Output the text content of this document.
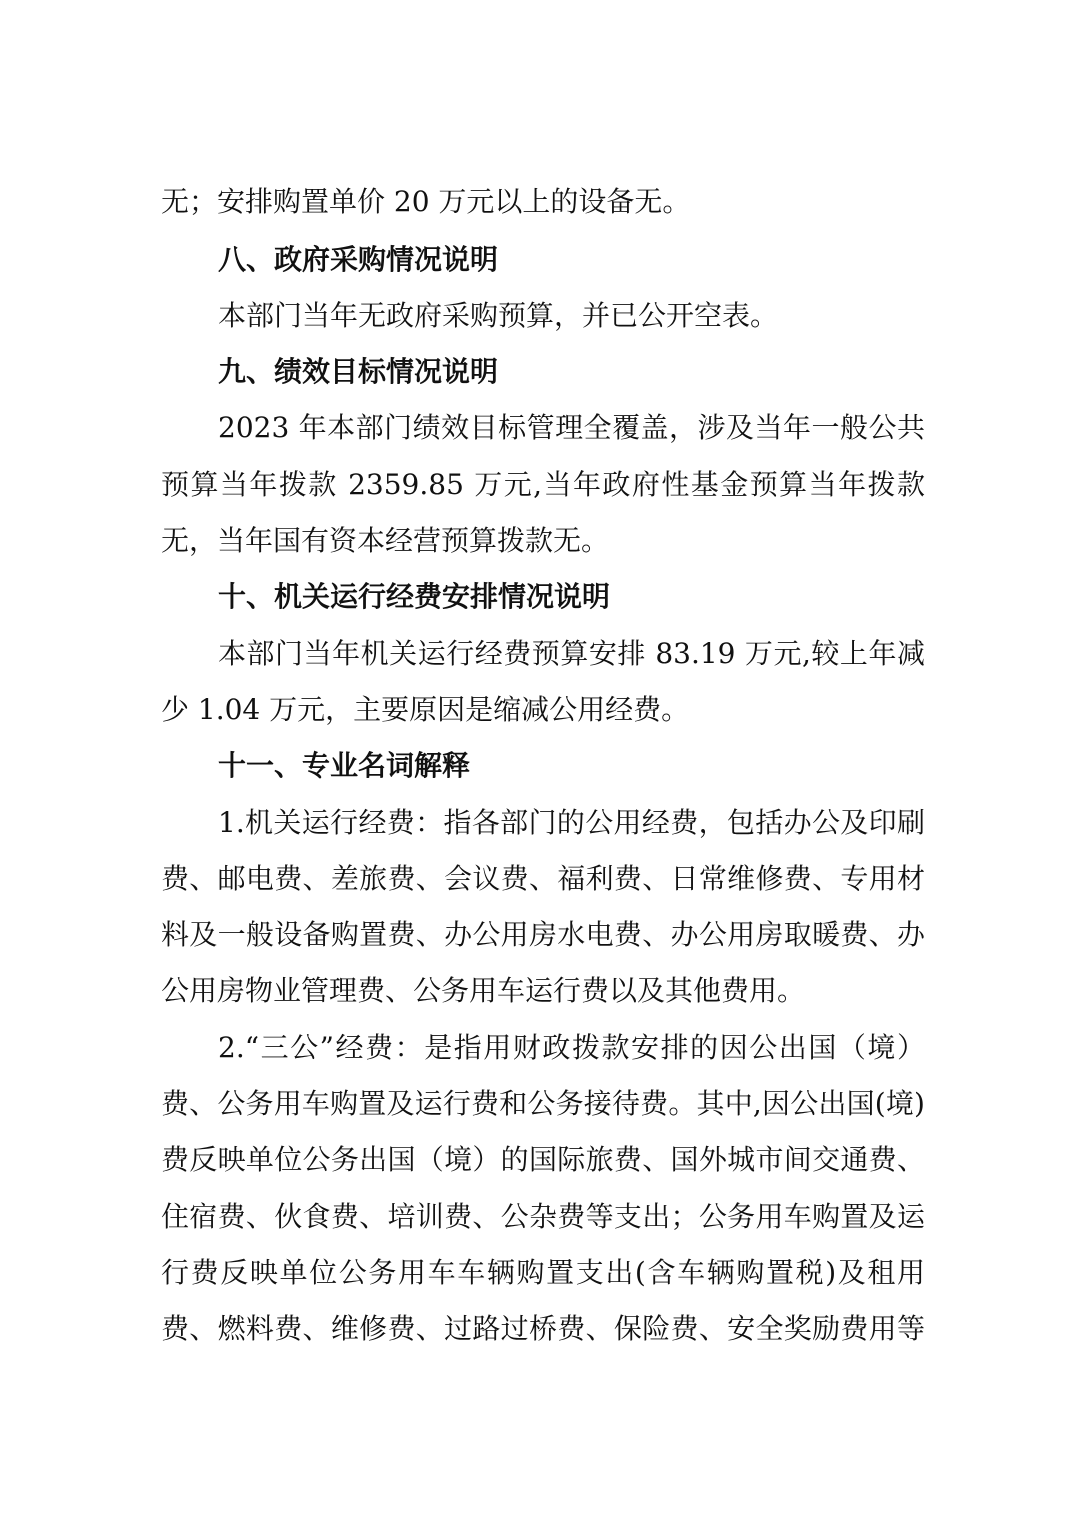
无；安排购置单价 20 万元以上的设备无。
八、政府采购情况说明
本部门当年无政府采购预算，并已公开空表。
九、绩效目标情况说明
2023 年本部门绩效目标管理全覆盖，涉及当年一般公共
预算当年拨款 2359.85 万元,当年政府性基金预算当年拨款
无，当年国有资本经营预算拨款无。
十、机关运行经费安排情况说明
本部门当年机关运行经费预算安排 83.19 万元,较上年减
少 1.04 万元，主要原因是缩减公用经费。
十一、专业名词解释
1.机关运行经费：指各部门的公用经费，包括办公及印刷
费、邮电费、差旅费、会议费、福利费、日常维修费、专用材
料及一般设备购置费、办公用房水电费、办公用房取暖费、办
公用房物业管理费、公务用车运行费以及其他费用。
2.“三公”经费：是指用财政拨款安排的因公出国（境）
费、公务用车购置及运行费和公务接待费。其中,因公出国(境)
费反映单位公务出国（境）的国际旅费、国外城市间交通费、
住宿费、伙食费、培训费、公杂费等支出；公务用车购置及运
行费反映单位公务用车车辆购置支出(含车辆购置税)及租用
费、燃料费、维修费、过路过桥费、保险费、安全奖励费用等
